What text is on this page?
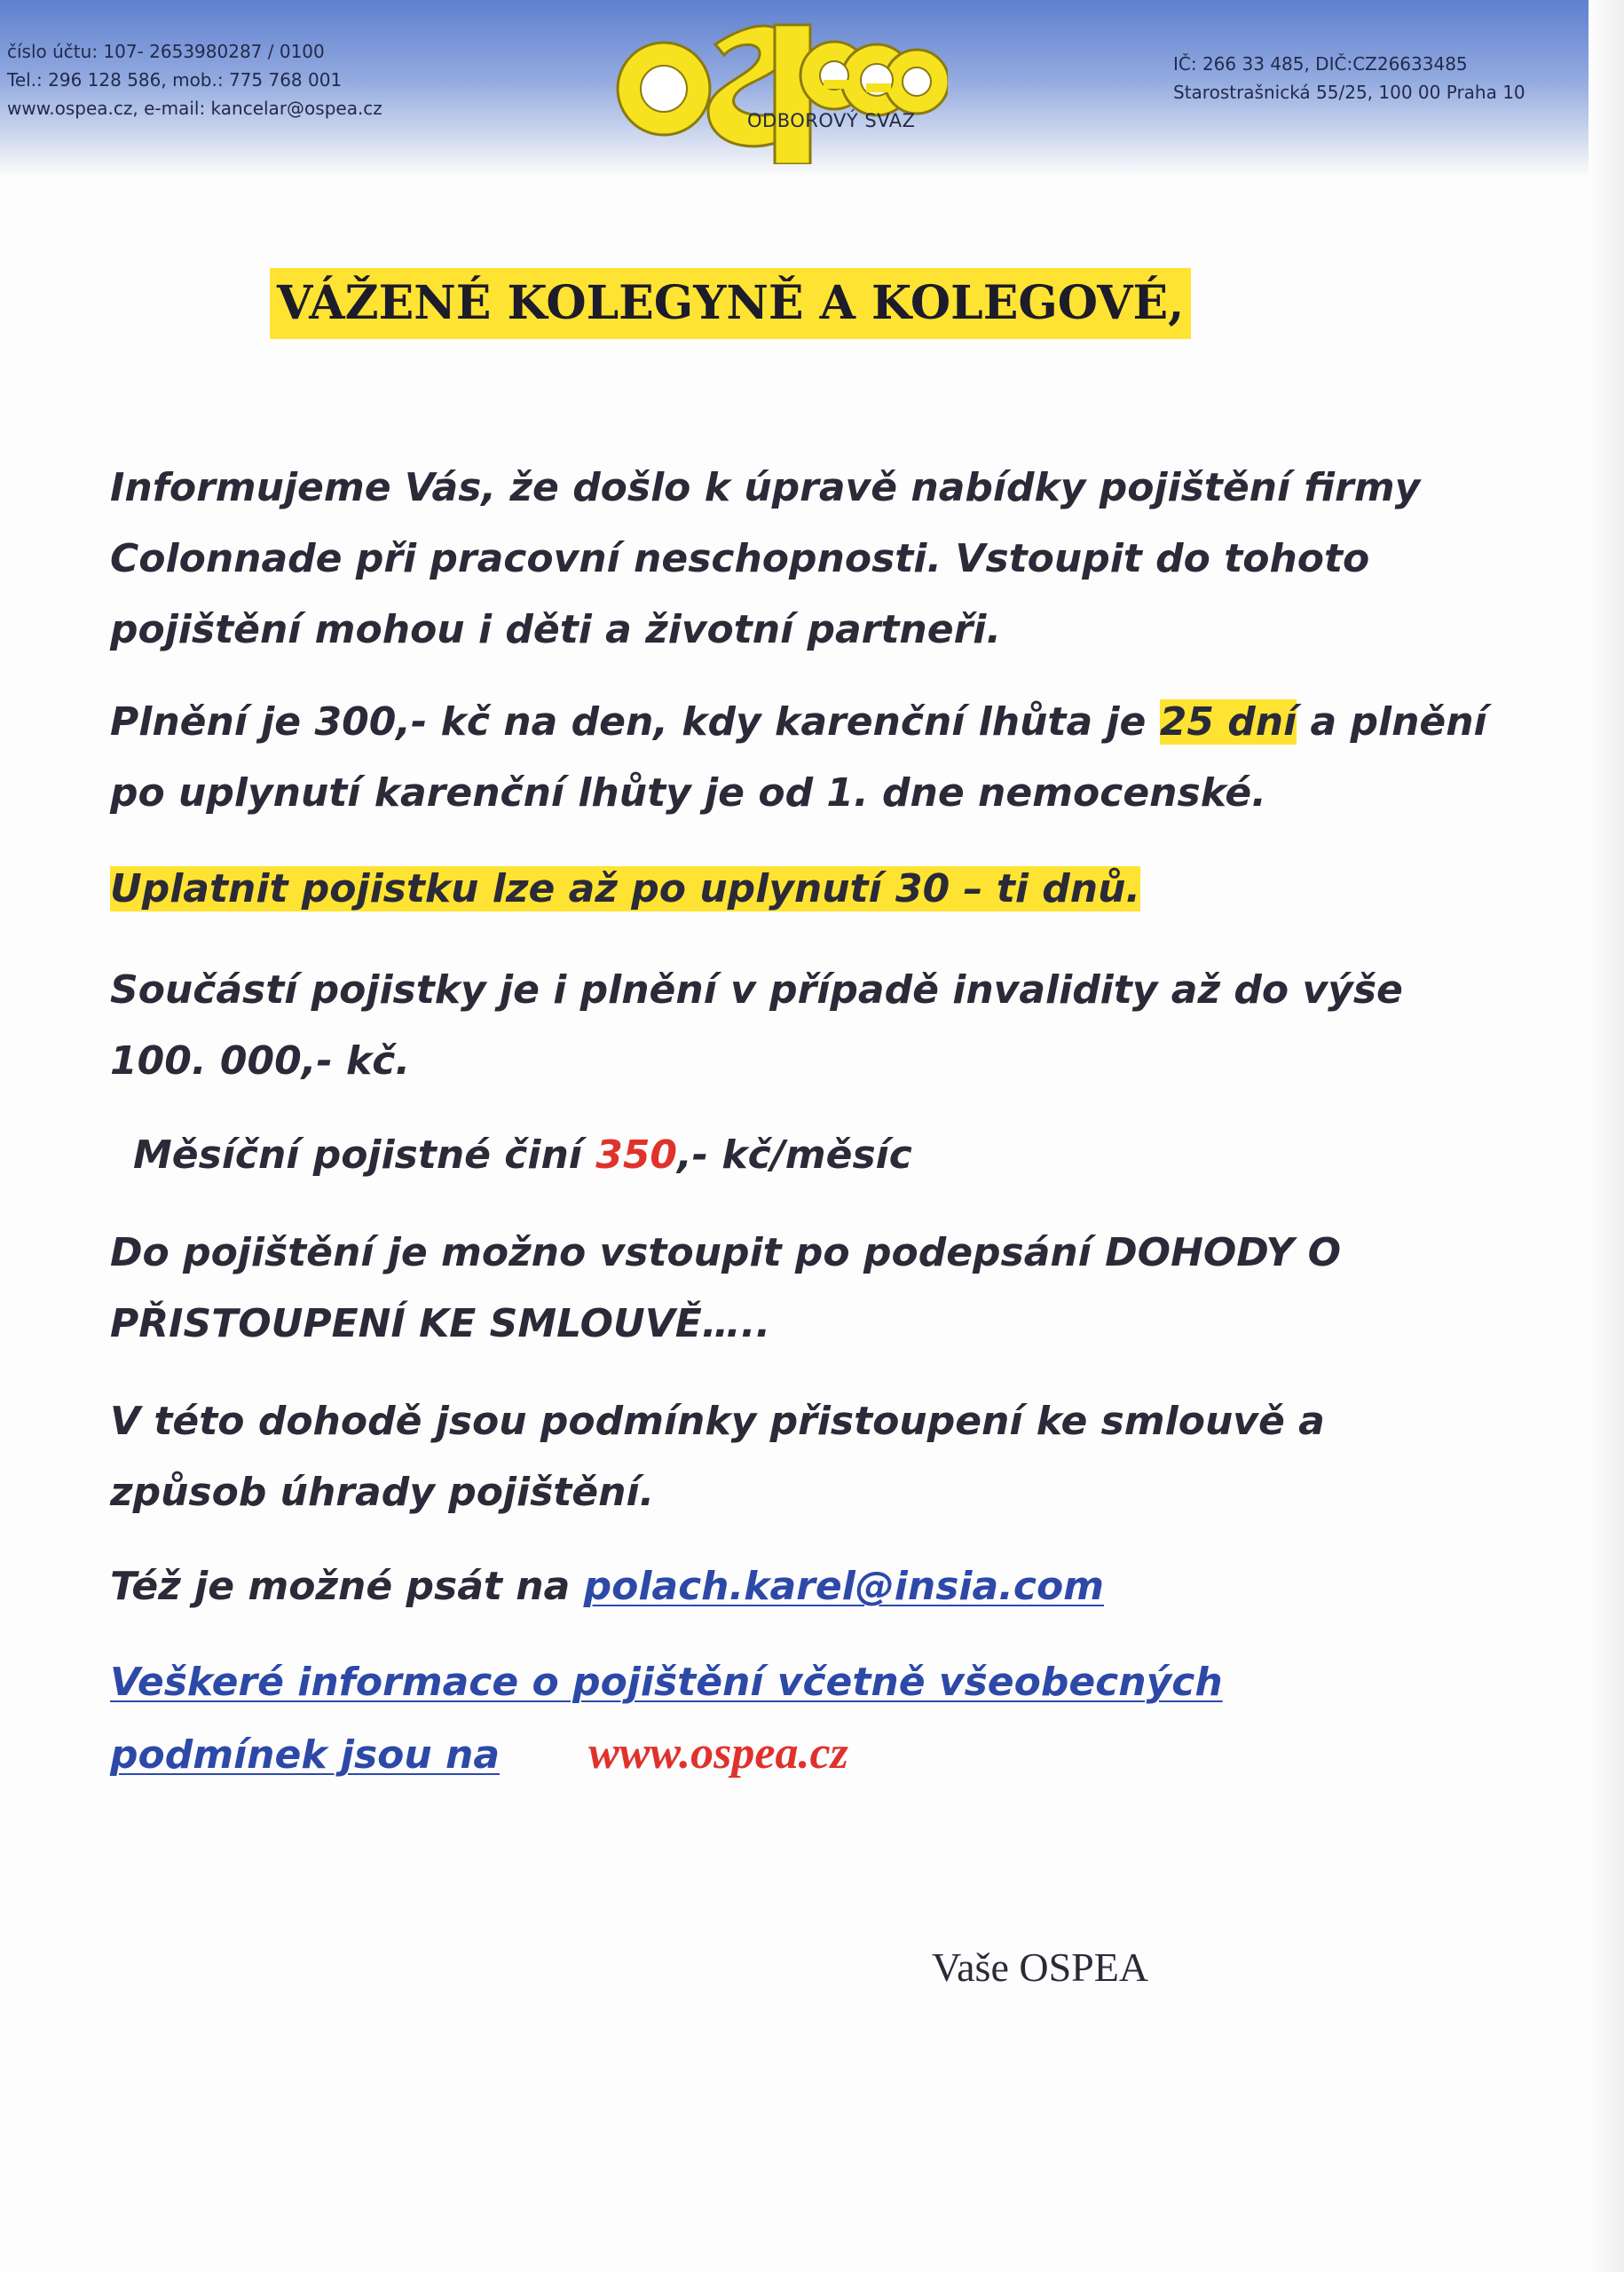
číslo účtu: 107- 2653980287 / 0100
Tel.: 296 128 586, mob.: 775 768 001
www.ospea.cz, e-mail: kancelar@ospea.cz
ODBOROVÝ SVAZ
IČ: 266 33 485, DIČ:CZ26633485
Starostrašnická 55/25, 100 00 Praha 10
VÁŽENÉ KOLEGYNĚ A KOLEGOVÉ,
Informujeme Vás, že došlo k úpravě nabídky pojištění firmy Colonnade při pracovní neschopnosti. Vstoupit do tohoto pojištění mohou i děti a životní partneři.
Plnění je 300,- kč na den, kdy karenční lhůta je 25 dní a plnění po uplynutí karenční lhůty je od 1. dne nemocenské.
Uplatnit pojistku lze až po uplynutí 30 – ti dnů.
Součástí pojistky je i plnění v případě invalidity až do výše 100. 000,- kč.
Měsíční pojistné činí 350,- kč/měsíc
Do pojištění je možno vstoupit po podepsání DOHODY O PŘISTOUPENÍ KE SMLOUVĚ…..
V této dohodě jsou podmínky přistoupení ke smlouvě a způsob úhrady pojištění.
Též je možné psát na polach.karel@insia.com
Veškeré informace o pojištění včetně všeobecných podmínek jsou na www.ospea.cz
Vaše OSPEA
